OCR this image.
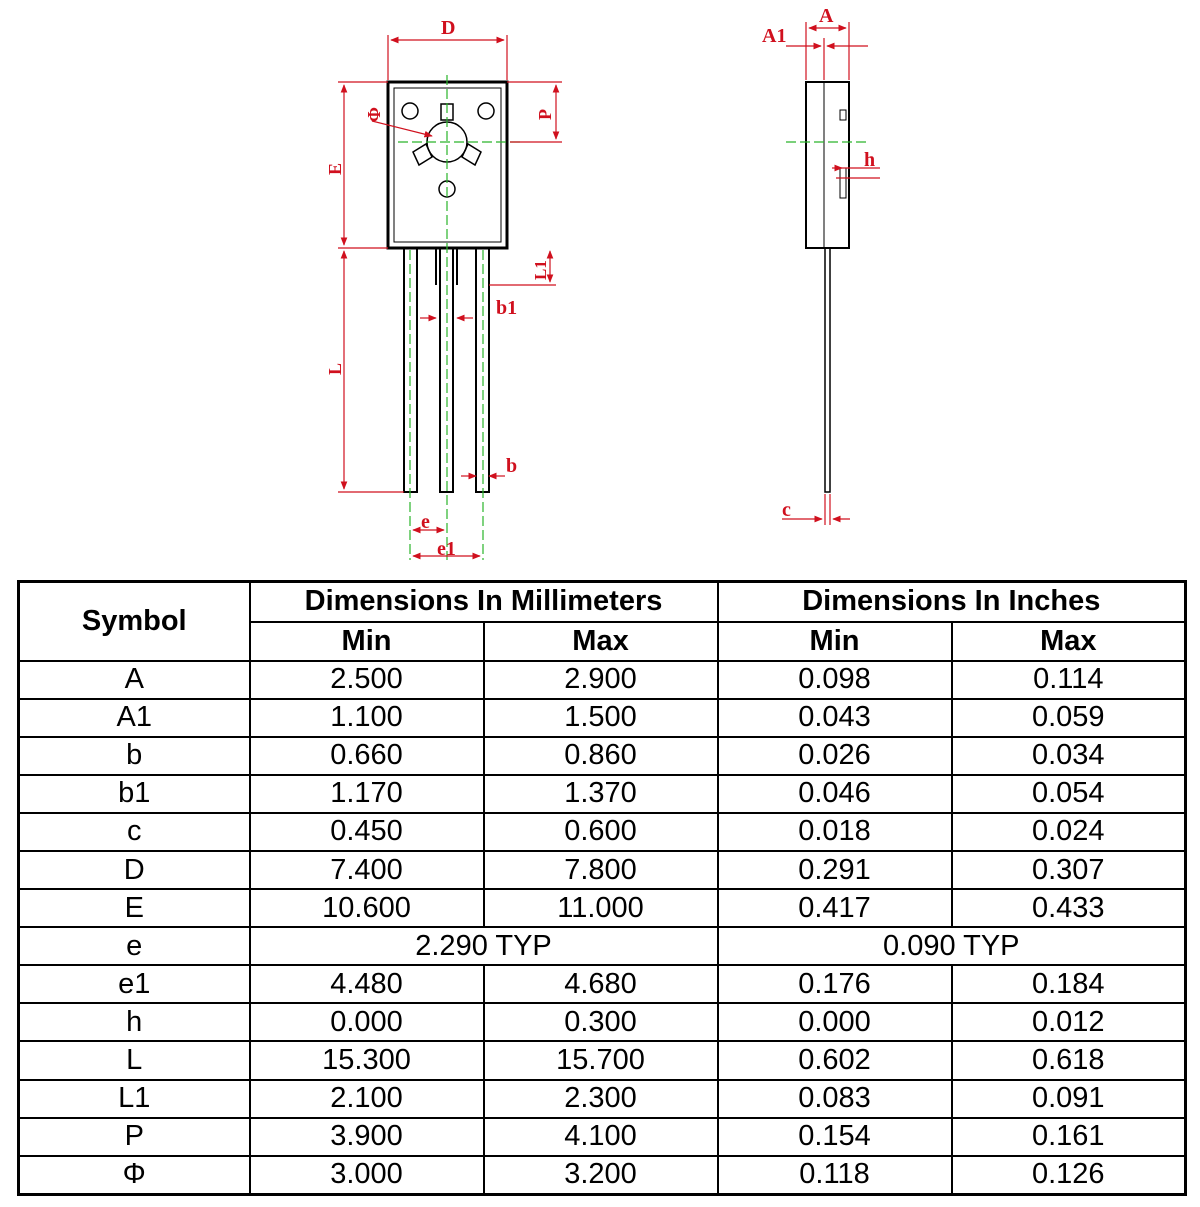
D
E
P
Φ
L
L1
b1
b
e
e1
A
A1
h
c
Symbol	Dimensions In Millimeters		Dimensions In Inches	
	Min	Max	Min	Max
A	2.500	2.900	0.098	0.114
A1	1.100	1.500	0.043	0.059
b	0.660	0.860	0.026	0.034
b1	1.170	1.370	0.046	0.054
c	0.450	0.600	0.018	0.024
D	7.400	7.800	0.291	0.307
E	10.600	11.000	0.417	0.433
e	2.290 TYP		0.090 TYP	
e1	4.480	4.680	0.176	0.184
h	0.000	0.300	0.000	0.012
L	15.300	15.700	0.602	0.618
L1	2.100	2.300	0.083	0.091
P	3.900	4.100	0.154	0.161
Φ	3.000	3.200	0.118	0.126
